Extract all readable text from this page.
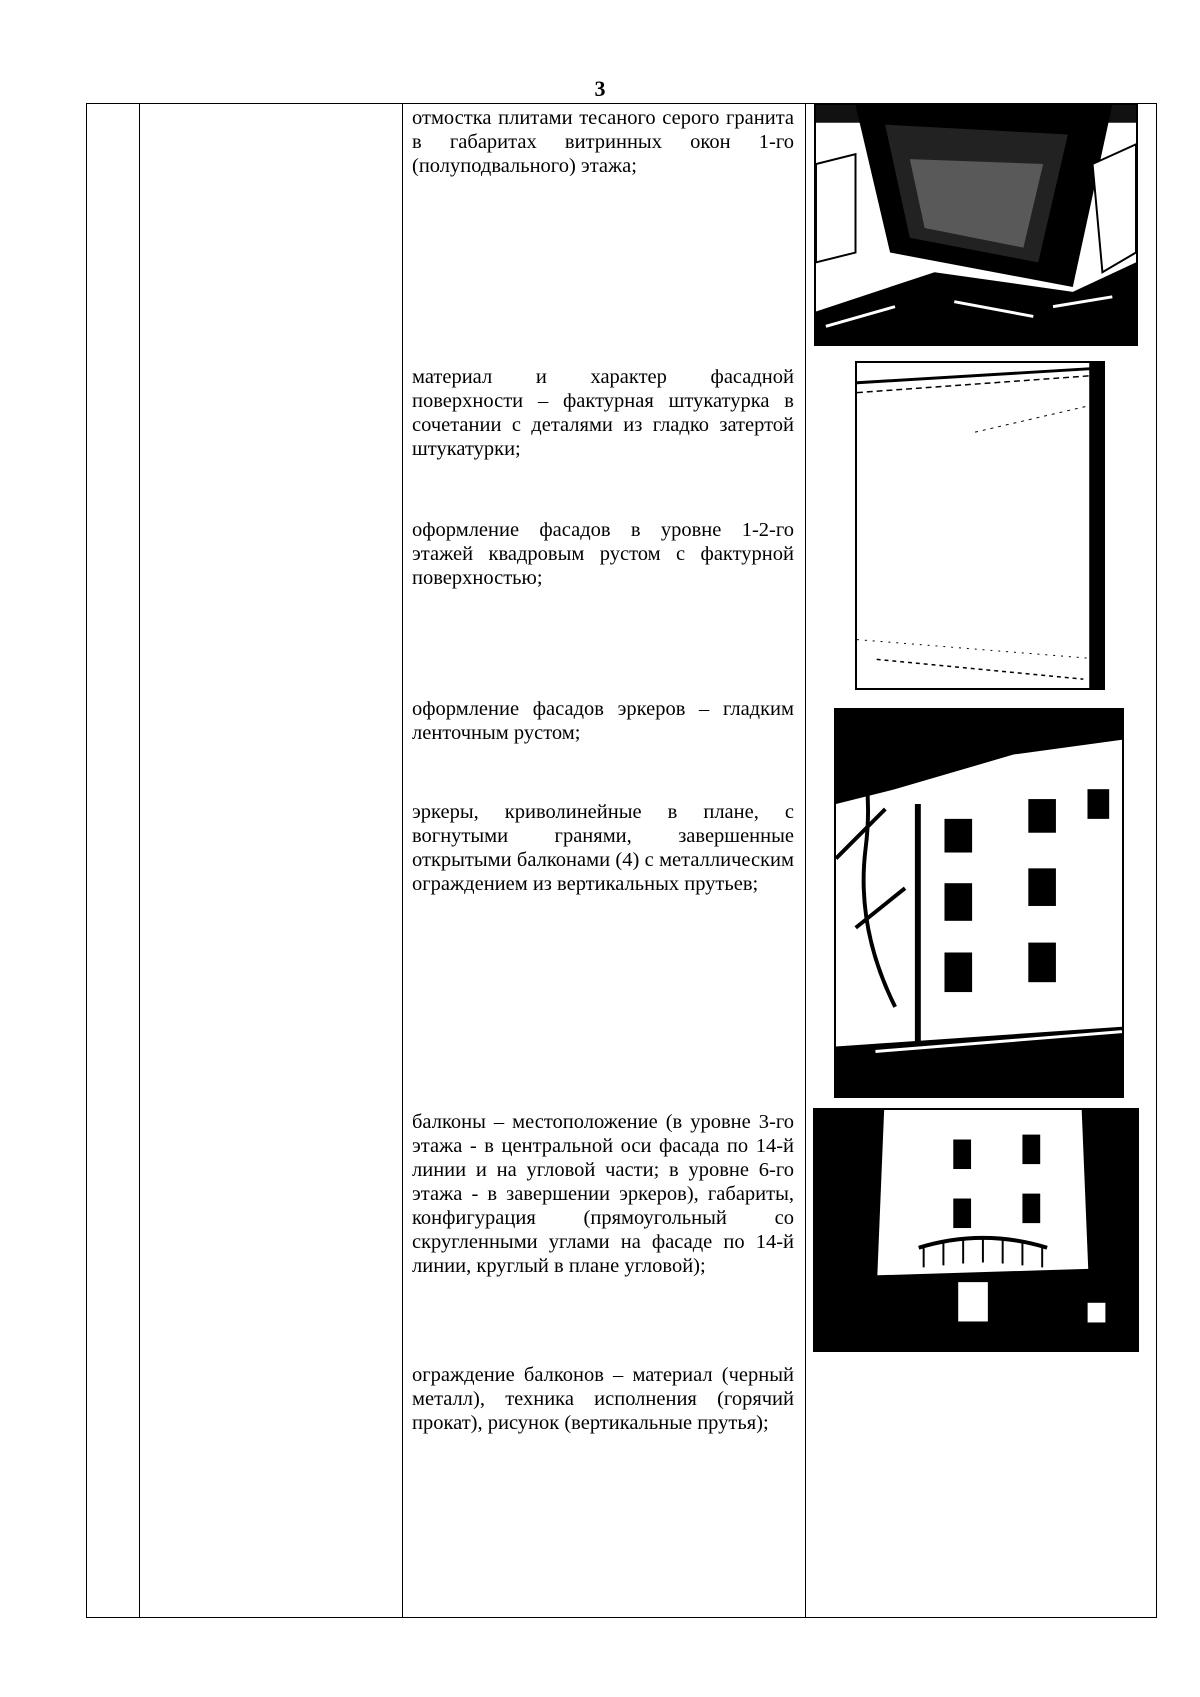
3
отмостка плитами тесаного серого гранита в габаритах витринных окон 1-го (полуподвального) этажа;
материал и характер фасадной поверхности – фактурная штукатурка в сочетании с деталями из гладко затертой штукатурки;
оформление фасадов в уровне 1-2-го этажей квадровым рустом с фактурной поверхностью;
оформление фасадов эркеров – гладким ленточным рустом;
эркеры, криволинейные в плане, с вогнутыми гранями, завершенные открытыми балконами (4) с металлическим ограждением из вертикальных прутьев;
балконы – местоположение (в уровне 3-го этажа - в центральной оси фасада по 14-й линии и на угловой части; в уровне 6-го этажа - в завершении эркеров), габариты, конфигурация (прямоугольный со скругленными углами на фасаде по 14-й линии, круглый в плане угловой);
ограждение балконов – материал (черный металл), техника исполнения (горячий прокат), рисунок (вертикальные прутья);
